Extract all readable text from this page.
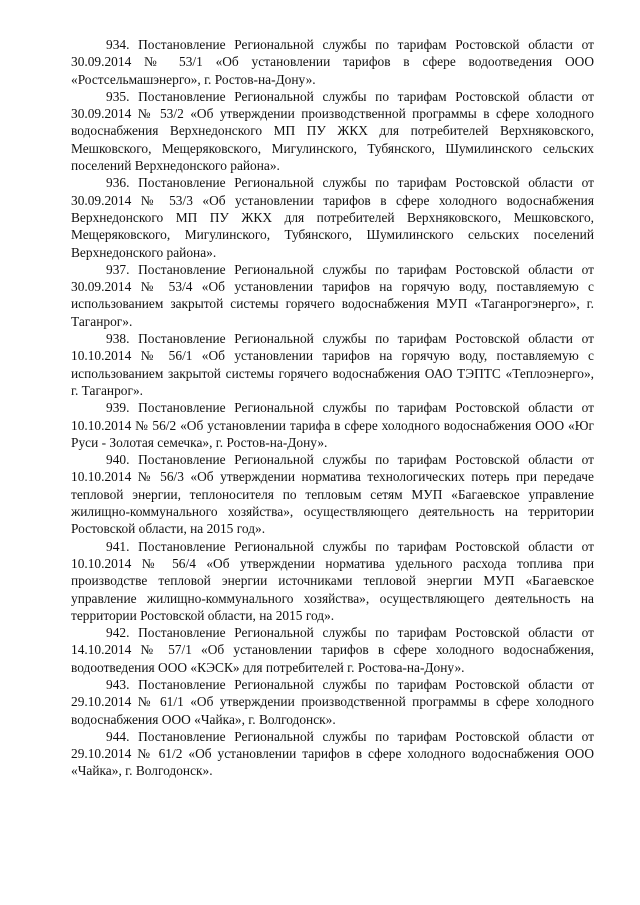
934. Постановление Региональной службы по тарифам Ростовской области от 30.09.2014 № 53/1 «Об установлении тарифов в сфере водоотведения ООО «Ростсельмашэнерго», г. Ростов-на-Дону».

935. Постановление Региональной службы по тарифам Ростовской области от 30.09.2014 № 53/2 «Об утверждении производственной программы в сфере холодного водоснабжения Верхнедонского МП ПУ ЖКХ для потребителей Верхняковского, Мешковского, Мещеряковского, Мигулинского, Тубянского, Шумилинского сельских поселений Верхнедонского района».

936. Постановление Региональной службы по тарифам Ростовской области от 30.09.2014 № 53/3 «Об установлении тарифов в сфере холодного водоснабжения Верхнедонского МП ПУ ЖКХ для потребителей Верхняковского, Мешковского, Мещеряковского, Мигулинского, Тубянского, Шумилинского сельских поселений Верхнедонского района».

937. Постановление Региональной службы по тарифам Ростовской области от 30.09.2014 № 53/4 «Об установлении тарифов на горячую воду, поставляемую с использованием закрытой системы горячего водоснабжения МУП «Таганрогэнерго», г. Таганрог».

938. Постановление Региональной службы по тарифам Ростовской области от 10.10.2014 № 56/1 «Об установлении тарифов на горячую воду, поставляемую с использованием закрытой системы горячего водоснабжения ОАО ТЭПТС «Теплоэнерго», г. Таганрог».

939. Постановление Региональной службы по тарифам Ростовской области от 10.10.2014 № 56/2 «Об установлении тарифа в сфере холодного водоснабжения ООО «Юг Руси - Золотая семечка», г. Ростов-на-Дону».

940. Постановление Региональной службы по тарифам Ростовской области от 10.10.2014 № 56/3 «Об утверждении норматива технологических потерь при передаче тепловой энергии, теплоносителя по тепловым сетям МУП «Багаевское управление жилищно-коммунального хозяйства», осуществляющего деятельность на территории Ростовской области, на 2015 год».

941. Постановление Региональной службы по тарифам Ростовской области от 10.10.2014 № 56/4 «Об утверждении норматива удельного расхода топлива при производстве тепловой энергии источниками тепловой энергии МУП «Багаевское управление жилищно-коммунального хозяйства», осуществляющего деятельность на территории Ростовской области, на 2015 год».

942. Постановление Региональной службы по тарифам Ростовской области от 14.10.2014 № 57/1 «Об установлении тарифов в сфере холодного водоснабжения, водоотведения ООО «КЭСК» для потребителей г. Ростова-на-Дону».

943. Постановление Региональной службы по тарифам Ростовской области от 29.10.2014 № 61/1 «Об утверждении производственной программы в сфере холодного водоснабжения ООО «Чайка», г. Волгодонск».

944. Постановление Региональной службы по тарифам Ростовской области от 29.10.2014 № 61/2 «Об установлении тарифов в сфере холодного водоснабжения ООО «Чайка», г. Волгодонск».
